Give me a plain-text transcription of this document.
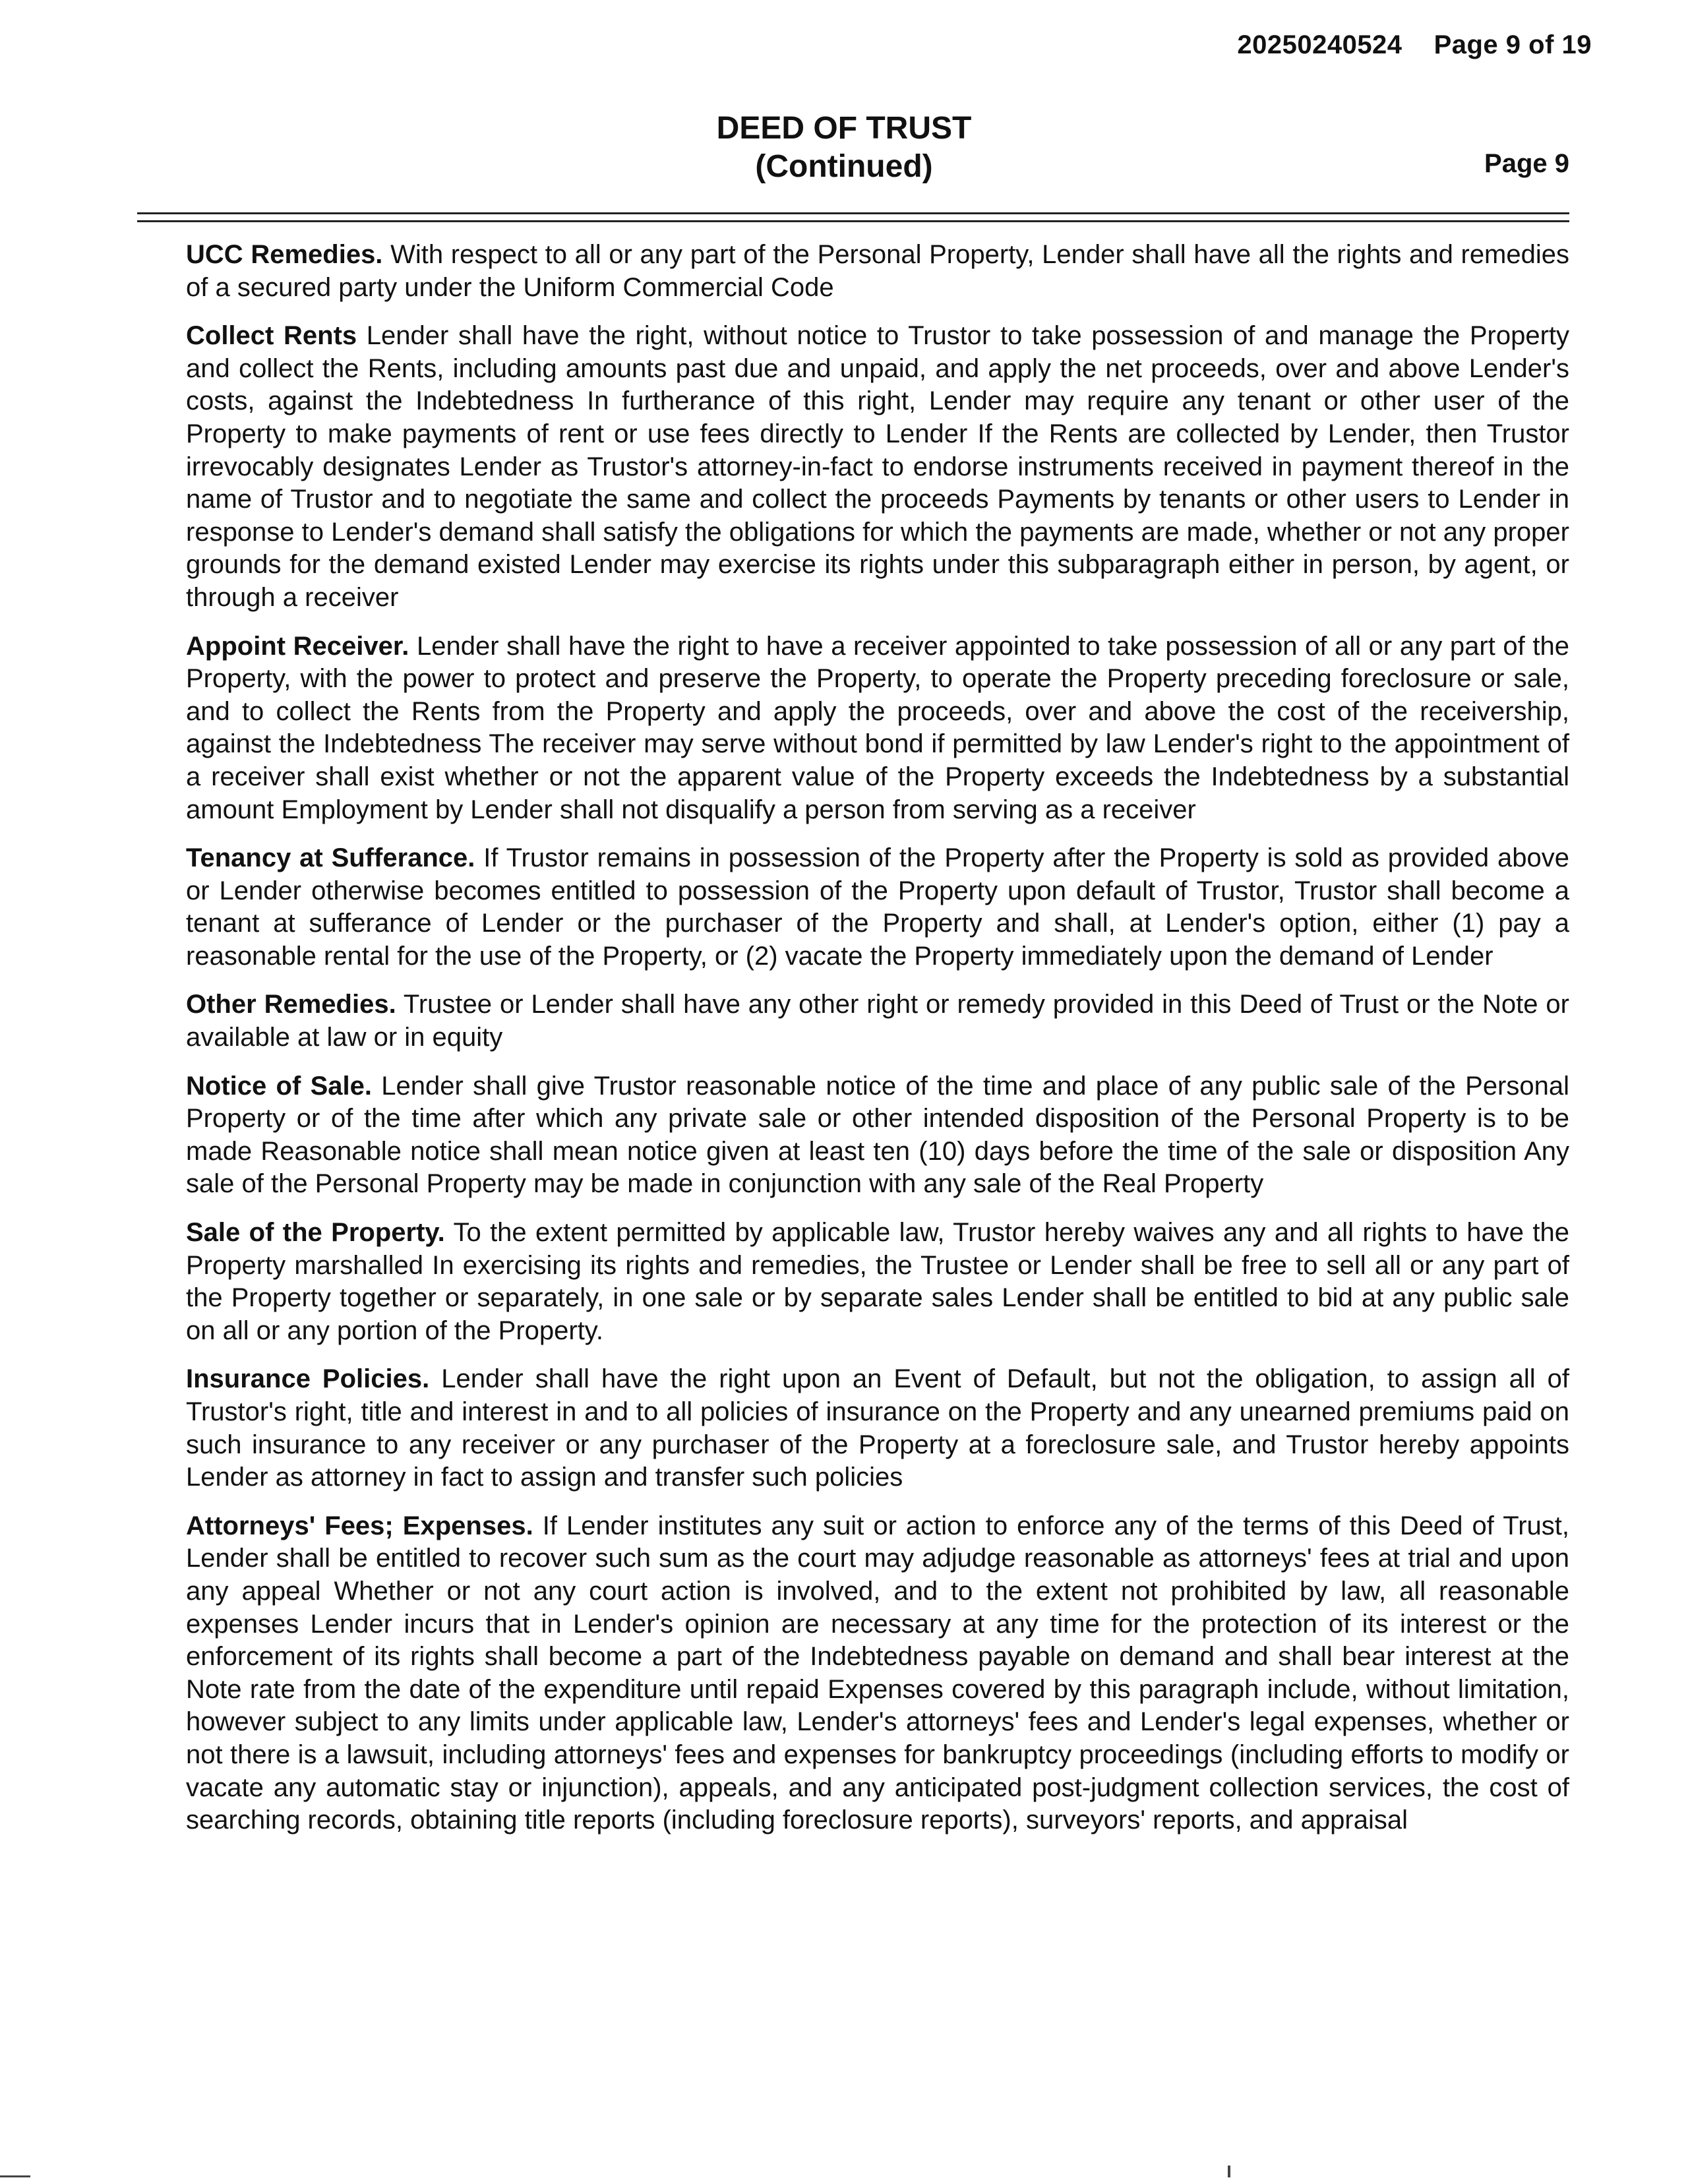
20250240524 Page 9 of 19
DEED OF TRUST
(Continued)	Page 9

UCC Remedies. With respect to all or any part of the Personal Property, Lender shall have all the rights and remedies of a secured party under the Uniform Commercial Code

Collect Rents Lender shall have the right, without notice to Trustor to take possession of and manage the Property and collect the Rents, including amounts past due and unpaid, and apply the net proceeds, over and above Lender's costs, against the Indebtedness In furtherance of this right, Lender may require any tenant or other user of the Property to make payments of rent or use fees directly to Lender If the Rents are collected by Lender, then Trustor irrevocably designates Lender as Trustor's attorney-in-fact to endorse instruments received in payment thereof in the name of Trustor and to negotiate the same and collect the proceeds Payments by tenants or other users to Lender in response to Lender's demand shall satisfy the obligations for which the payments are made, whether or not any proper grounds for the demand existed Lender may exercise its rights under this subparagraph either in person, by agent, or through a receiver

Appoint Receiver. Lender shall have the right to have a receiver appointed to take possession of all or any part of the Property, with the power to protect and preserve the Property, to operate the Property preceding foreclosure or sale, and to collect the Rents from the Property and apply the proceeds, over and above the cost of the receivership, against the Indebtedness The receiver may serve without bond if permitted by law Lender's right to the appointment of a receiver shall exist whether or not the apparent value of the Property exceeds the Indebtedness by a substantial amount Employment by Lender shall not disqualify a person from serving as a receiver

Tenancy at Sufferance. If Trustor remains in possession of the Property after the Property is sold as provided above or Lender otherwise becomes entitled to possession of the Property upon default of Trustor, Trustor shall become a tenant at sufferance of Lender or the purchaser of the Property and shall, at Lender's option, either (1) pay a reasonable rental for the use of the Property, or (2) vacate the Property immediately upon the demand of Lender

Other Remedies. Trustee or Lender shall have any other right or remedy provided in this Deed of Trust or the Note or available at law or in equity

Notice of Sale. Lender shall give Trustor reasonable notice of the time and place of any public sale of the Personal Property or of the time after which any private sale or other intended disposition of the Personal Property is to be made Reasonable notice shall mean notice given at least ten (10) days before the time of the sale or disposition Any sale of the Personal Property may be made in conjunction with any sale of the Real Property

Sale of the Property. To the extent permitted by applicable law, Trustor hereby waives any and all rights to have the Property marshalled In exercising its rights and remedies, the Trustee or Lender shall be free to sell all or any part of the Property together or separately, in one sale or by separate sales Lender shall be entitled to bid at any public sale on all or any portion of the Property.

Insurance Policies. Lender shall have the right upon an Event of Default, but not the obligation, to assign all of Trustor's right, title and interest in and to all policies of insurance on the Property and any unearned premiums paid on such insurance to any receiver or any purchaser of the Property at a foreclosure sale, and Trustor hereby appoints Lender as attorney in fact to assign and transfer such policies

Attorneys' Fees; Expenses. If Lender institutes any suit or action to enforce any of the terms of this Deed of Trust, Lender shall be entitled to recover such sum as the court may adjudge reasonable as attorneys' fees at trial and upon any appeal Whether or not any court action is involved, and to the extent not prohibited by law, all reasonable expenses Lender incurs that in Lender's opinion are necessary at any time for the protection of its interest or the enforcement of its rights shall become a part of the Indebtedness payable on demand and shall bear interest at the Note rate from the date of the expenditure until repaid Expenses covered by this paragraph include, without limitation, however subject to any limits under applicable law, Lender's attorneys' fees and Lender's legal expenses, whether or not there is a lawsuit, including attorneys' fees and expenses for bankruptcy proceedings (including efforts to modify or vacate any automatic stay or injunction), appeals, and any anticipated post-judgment collection services, the cost of searching records, obtaining title reports (including foreclosure reports), surveyors' reports, and appraisal
